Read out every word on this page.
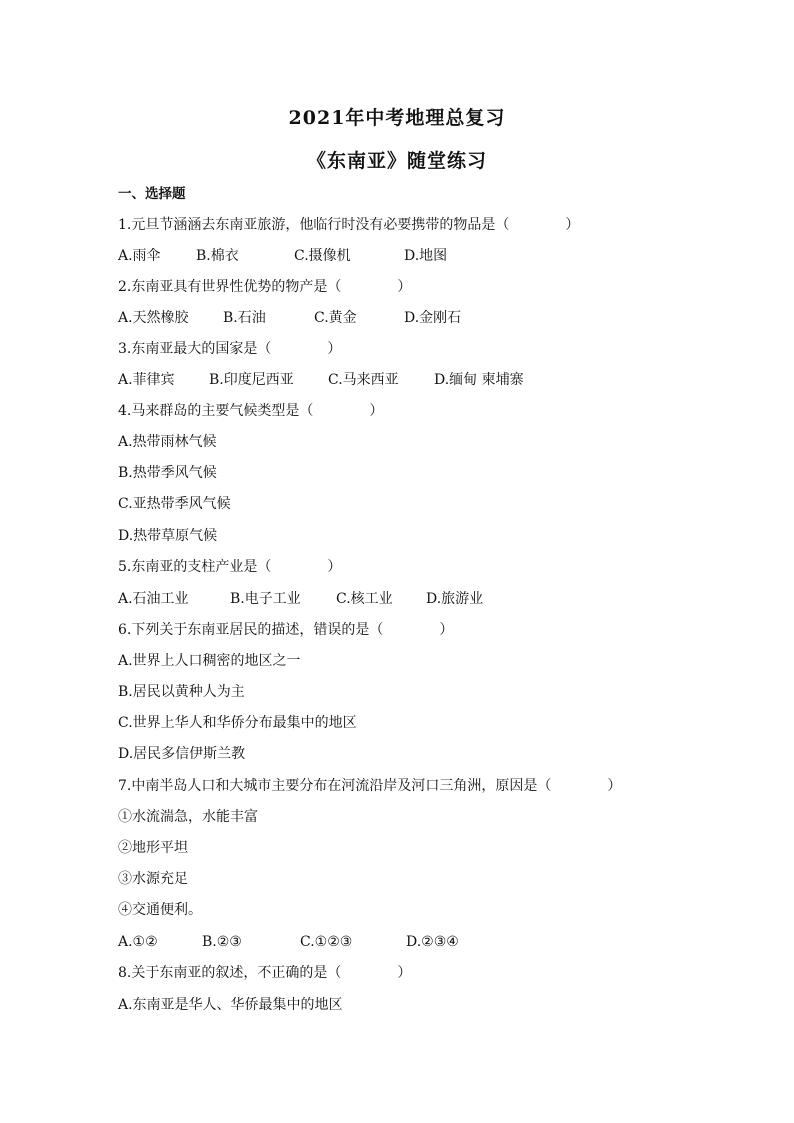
2021年中考地理总复习
《东南亚》随堂练习
一、选择题
1.元旦节涵涵去东南亚旅游，他临行时没有必要携带的物品是（　　　　）
A.雨伞	B.棉衣	C.摄像机	D.地图
2.东南亚具有世界性优势的物产是（　　　　）
A.天然橡胶 B.石油	C.黄金	D.金刚石
3.东南亚最大的国家是（　　　　）
A.菲律宾 B.印度尼西亚 C.马来西亚	D.缅甸 柬埔寨
4.马来群岛的主要气候类型是（　　　　）
A.热带雨林气候
B.热带季风气候
C.亚热带季风气候
D.热带草原气候
5.东南亚的支柱产业是（　　　　）
A.石油工业	B.电子工业	C.核工业 D.旅游业
6.下列关于东南亚居民的描述，错误的是（　　　　）
A.世界上人口稠密的地区之一
B.居民以黄种人为主
C.世界上华人和华侨分布最集中的地区
D.居民多信伊斯兰教
7.中南半岛人口和大城市主要分布在河流沿岸及河口三角洲，原因是（　　　　）
①水流湍急，水能丰富
②地形平坦
③水源充足
④交通便利。
A.①②	B.②③	C.①②③	D.②③④
8.关于东南亚的叙述，不正确的是（　　　　）
A.东南亚是华人、华侨最集中的地区
